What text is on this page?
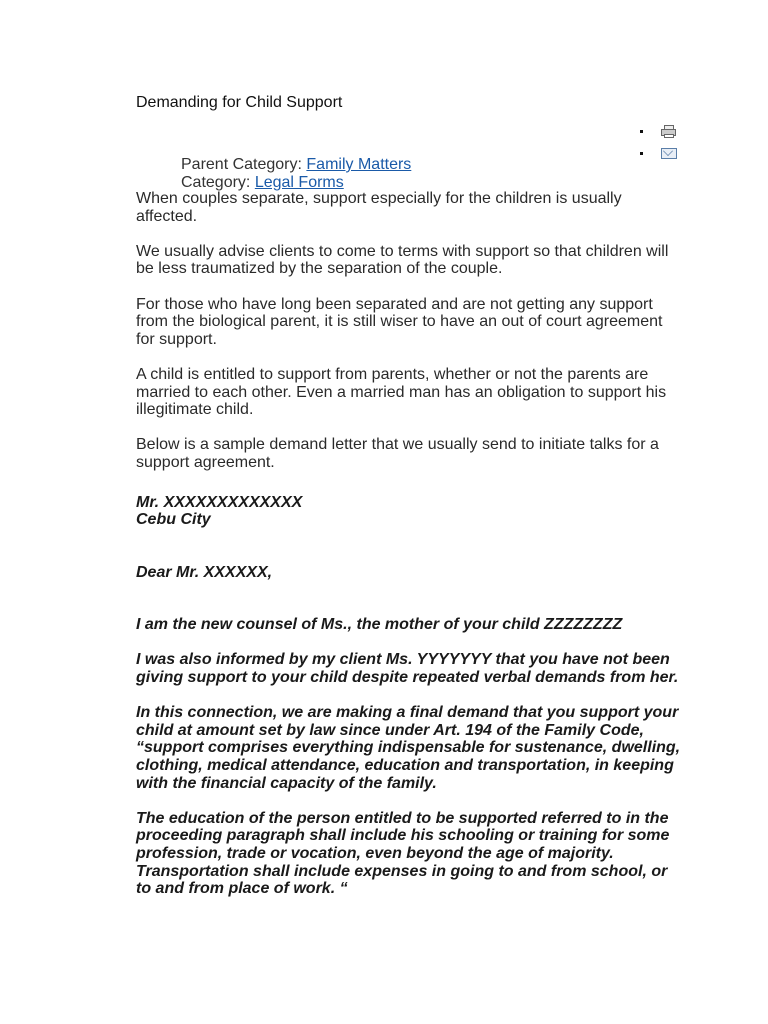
Demanding for Child Support
Parent Category: Family Matters
Category: Legal Forms

When couples separate, support especially for the children is usually affected.

We usually advise clients to come to terms with support so that children will be less traumatized by the separation of the couple.

For those who have long been separated and are not getting any support from the biological parent, it is still wiser to have an out of court agreement for support.

A child is entitled to support from parents, whether or not the parents are married to each other. Even a married man has an obligation to support his illegitimate child.

Below is a sample demand letter that we usually send to initiate talks for a support agreement.

Mr. XXXXXXXXXXXXX
Cebu City
Dear Mr. XXXXXX,

I am the new counsel of Ms., the mother of your child ZZZZZZZZ

I was also informed by my client Ms. YYYYYYY that you have not been giving support to your child despite repeated verbal demands from her.

In this connection, we are making a final demand that you support your child at amount set by law since under Art. 194 of the Family Code, “support comprises everything indispensable for sustenance, dwelling, clothing, medical attendance, education and transportation, in keeping with the financial capacity of the family.

The education of the person entitled to be supported referred to in the proceeding paragraph shall include his schooling or training for some profession, trade or vocation, even beyond the age of majority. Transportation shall include expenses in going to and from school, or to and from place of work. “
